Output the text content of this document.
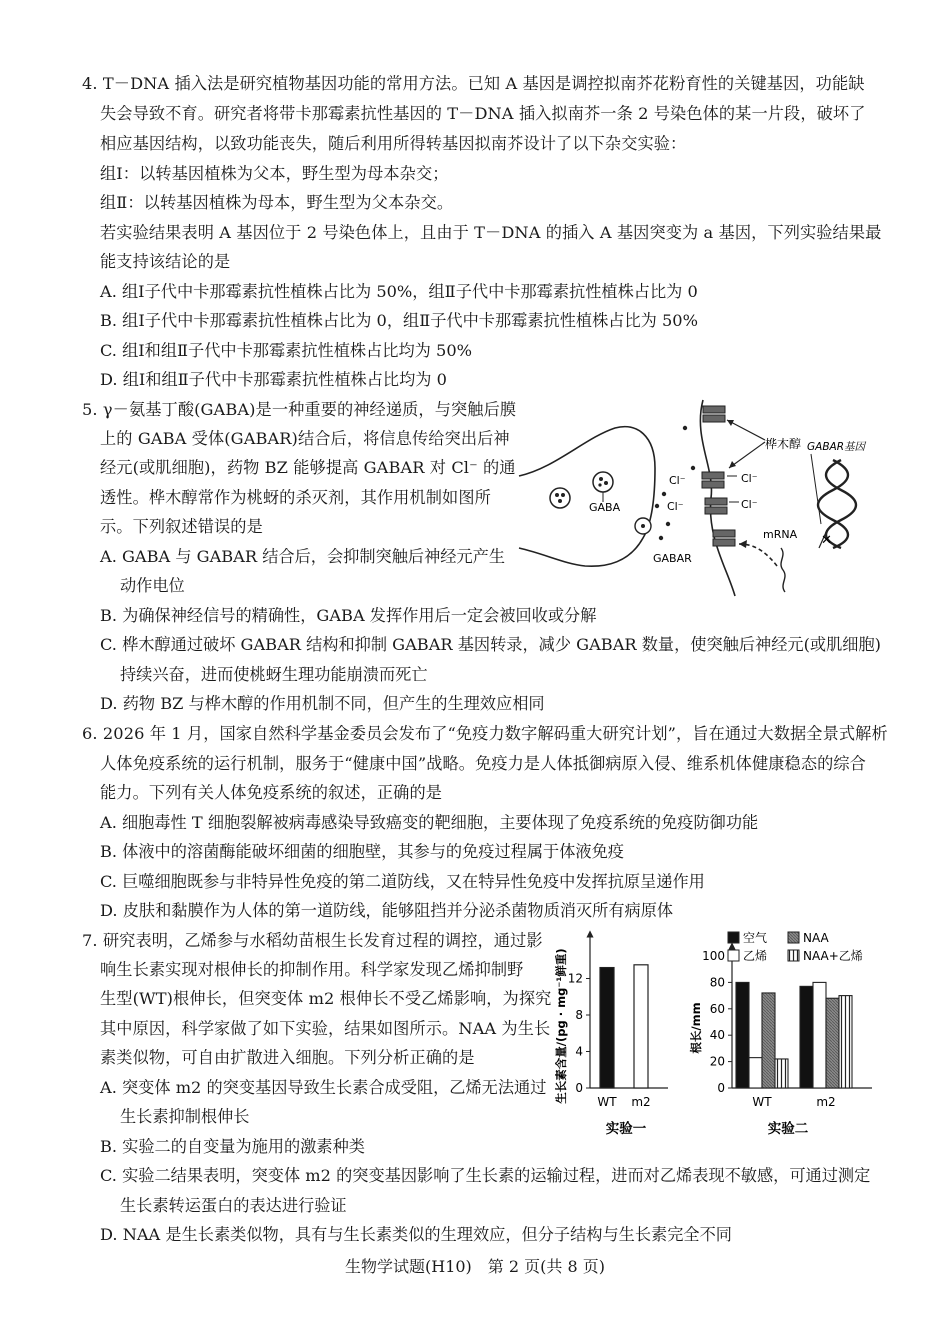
4. T－DNA 插入法是研究植物基因功能的常用方法。已知 A 基因是调控拟南芥花粉育性的关键基因，功能缺
失会导致不育。研究者将带卡那霉素抗性基因的 T－DNA 插入拟南芥一条 2 号染色体的某一片段，破坏了
相应基因结构，以致功能丧失，随后利用所得转基因拟南芥设计了以下杂交实验：
组Ⅰ：以转基因植株为父本，野生型为母本杂交；
组Ⅱ：以转基因植株为母本，野生型为父本杂交。
若实验结果表明 A 基因位于 2 号染色体上，且由于 T－DNA 的插入 A 基因突变为 a 基因，下列实验结果最
能支持该结论的是
A. 组Ⅰ子代中卡那霉素抗性植株占比为 50%，组Ⅱ子代中卡那霉素抗性植株占比为 0
B. 组Ⅰ子代中卡那霉素抗性植株占比为 0，组Ⅱ子代中卡那霉素抗性植株占比为 50%
C. 组Ⅰ和组Ⅱ子代中卡那霉素抗性植株占比均为 50%
D. 组Ⅰ和组Ⅱ子代中卡那霉素抗性植株占比均为 0
5. γ－氨基丁酸(GABA)是一种重要的神经递质，与突触后膜
上的 GABA 受体(GABAR)结合后，将信息传给突出后神
经元(或肌细胞)，药物 BZ 能够提高 GABAR 对 Cl⁻ 的通
透性。桦木醇常作为桃蚜的杀灭剂，其作用机制如图所
示。下列叙述错误的是
A. GABA 与 GABAR 结合后，会抑制突触后神经元产生
动作电位
B. 为确保神经信号的精确性，GABA 发挥作用后一定会被回收或分解
C. 桦木醇通过破坏 GABAR 结构和抑制 GABAR 基因转录，减少 GABAR 数量，使突触后神经元(或肌细胞)
持续兴奋，进而使桃蚜生理功能崩溃而死亡
D. 药物 BZ 与桦木醇的作用机制不同，但产生的生理效应相同
GABA
Cl⁻
Cl⁻
Cl⁻
Cl⁻
桦木醇 GABAR基因
✕
mRNA
GABAR
6. 2026 年 1 月，国家自然科学基金委员会发布了“免疫力数字解码重大研究计划”，旨在通过大数据全景式解析
人体免疫系统的运行机制，服务于“健康中国”战略。免疫力是人体抵御病原入侵、维系机体健康稳态的综合
能力。下列有关人体免疫系统的叙述，正确的是
A. 细胞毒性 T 细胞裂解被病毒感染导致癌变的靶细胞，主要体现了免疫系统的免疫防御功能
B. 体液中的溶菌酶能破坏细菌的细胞壁，其参与的免疫过程属于体液免疫
C. 巨噬细胞既参与非特异性免疫的第二道防线，又在特异性免疫中发挥抗原呈递作用
D. 皮肤和黏膜作为人体的第一道防线，能够阻挡并分泌杀菌物质消灭所有病原体
7. 研究表明，乙烯参与水稻幼苗根生长发育过程的调控，通过影
响生长素实现对根伸长的抑制作用。科学家发现乙烯抑制野
生型(WT)根伸长，但突变体 m2 根伸长不受乙烯影响，为探究
其中原因，科学家做了如下实验，结果如图所示。NAA 为生长
素类似物，可自由扩散进入细胞。下列分析正确的是
A. 突变体 m2 的突变基因导致生长素合成受阻，乙烯无法通过
生长素抑制根伸长
B. 实验二的自变量为施用的激素种类
C. 实验二结果表明，突变体 m2 的突变基因影响了生长素的运输过程，进而对乙烯表现不敏感，可通过测定
生长素转运蛋白的表达进行验证
D. NAA 是生长素类似物，具有与生长素类似的生理效应，但分子结构与生长素完全不同
生长素含量/(pg · mg⁻¹鲜重) 0
4
8
12
WT m2
实验一
根长/mm
0
20
40
60
80
100
WT	m2
空气
乙烯
NAA
NAA+乙烯
实验二
生物学试题(H10)　第 2 页(共 8 页)
